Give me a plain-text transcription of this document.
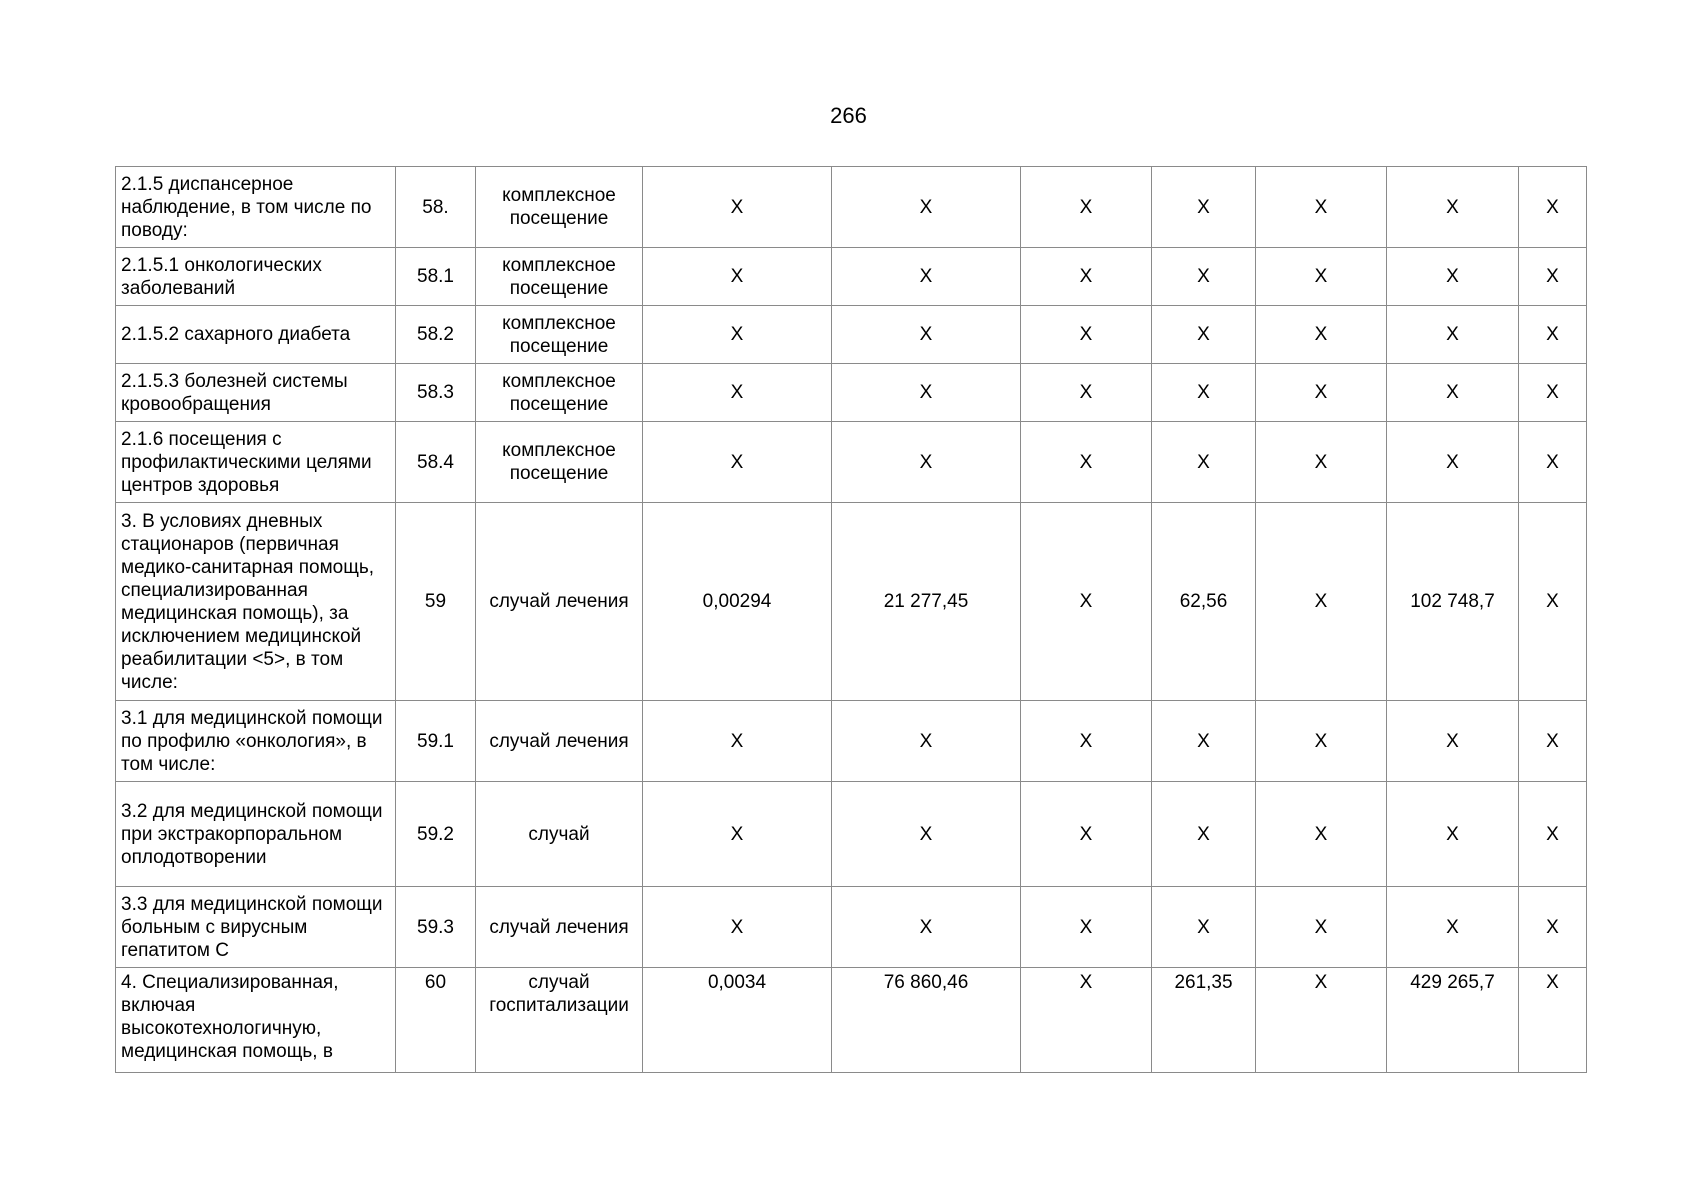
266
2.1.5 диспансерное наблюдение, в том числе по поводу:	58.	комплексное посещение	X	X	X	X	X	X	X
2.1.5.1 онкологических заболеваний	58.1	комплексное посещение	X	X	X	X	X	X	X
2.1.5.2 сахарного диабета	58.2	комплексное посещение	X	X	X	X	X	X	X
2.1.5.3 болезней системы кровообращения	58.3	комплексное посещение	X	X	X	X	X	X	X
2.1.6 посещения с профилактическими целями центров здоровья	58.4	комплексное посещение	X	X	X	X	X	X	X
3. В условиях дневных стационаров (первичная медико-санитарная помощь, специализированная медицинская помощь), за исключением медицинской реабилитации <5>, в том числе:	59	случай лечения	0,00294	21 277,45	X	62,56	X	102 748,7	X
3.1 для медицинской помощи по профилю «онкология», в том числе:	59.1	случай лечения	X	X	X	X	X	X	X
3.2 для медицинской помощи при экстракорпоральном оплодотворении	59.2	случай	X	X	X	X	X	X	X
3.3 для медицинской помощи больным с вирусным гепатитом С	59.3	случай лечения	X	X	X	X	X	X	X
4. Специализированная, включая высокотехнологичную, медицинская помощь, в	60	случай госпитализации	0,0034	76 860,46	X	261,35	X	429 265,7	X
